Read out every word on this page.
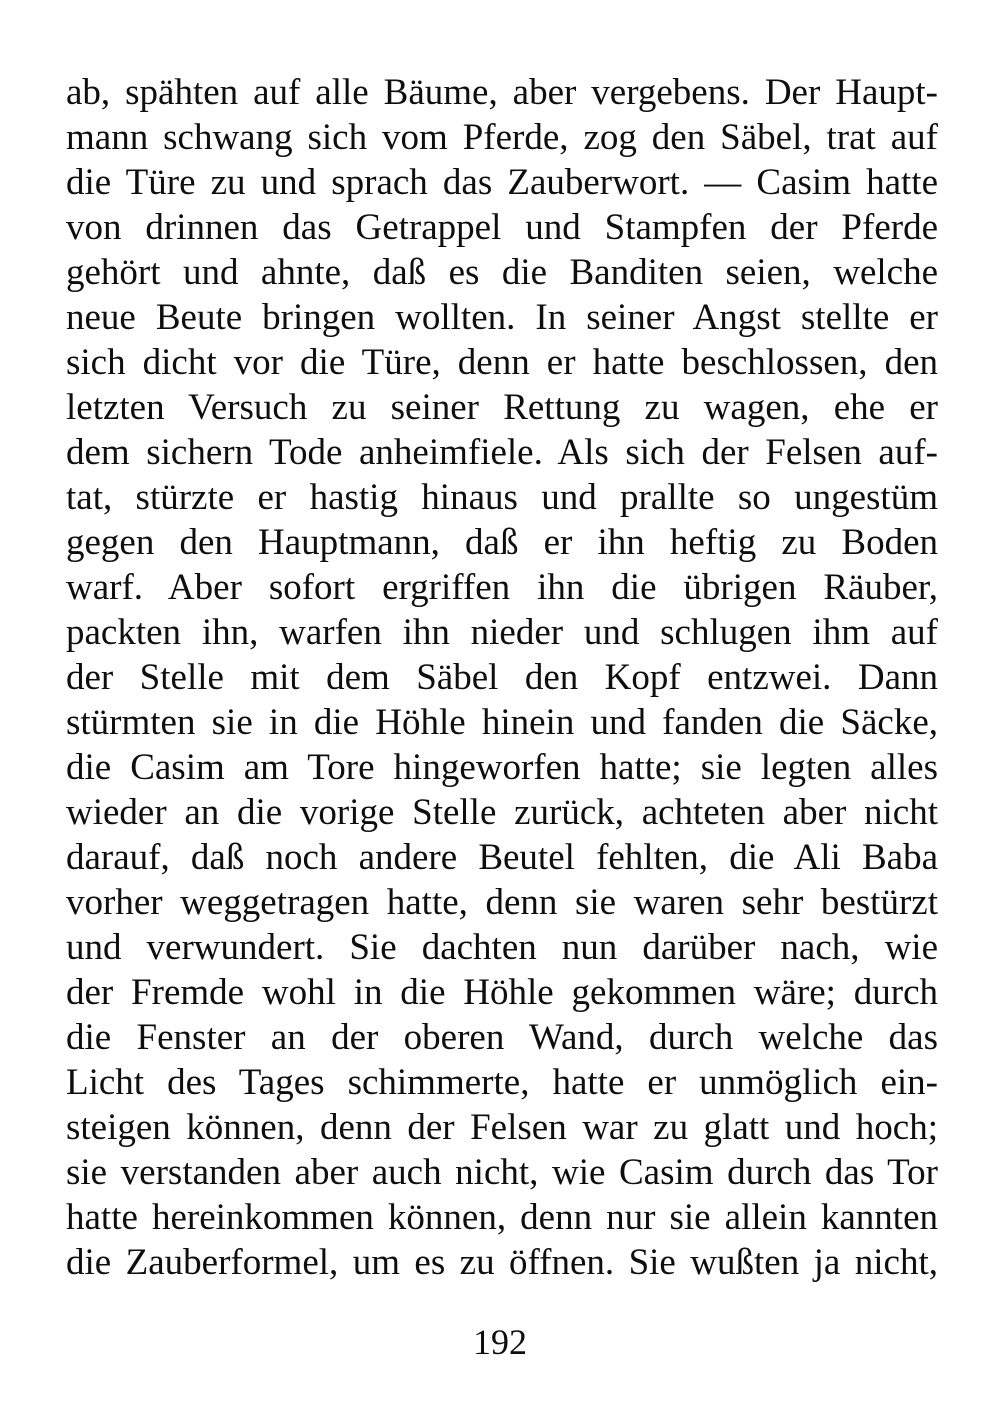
ab, spähten auf alle Bäume, aber vergebens. Der Haupt-
mann schwang sich vom Pferde, zog den Säbel, trat auf
die Türe zu und sprach das Zauberwort. — Casim hatte
von drinnen das Getrappel und Stampfen der Pferde
gehört und ahnte, daß es die Banditen seien, welche
neue Beute bringen wollten. In seiner Angst stellte er
sich dicht vor die Türe, denn er hatte beschlossen, den
letzten Versuch zu seiner Rettung zu wagen, ehe er
dem sichern Tode anheimfiele. Als sich der Felsen auf-
tat, stürzte er hastig hinaus und prallte so ungestüm
gegen den Hauptmann, daß er ihn heftig zu Boden
warf. Aber sofort ergriffen ihn die übrigen Räuber,
packten ihn, warfen ihn nieder und schlugen ihm auf
der Stelle mit dem Säbel den Kopf entzwei. Dann
stürmten sie in die Höhle hinein und fanden die Säcke,
die Casim am Tore hingeworfen hatte; sie legten alles
wieder an die vorige Stelle zurück, achteten aber nicht
darauf, daß noch andere Beutel fehlten, die Ali Baba
vorher weggetragen hatte, denn sie waren sehr bestürzt
und verwundert. Sie dachten nun darüber nach, wie
der Fremde wohl in die Höhle gekommen wäre; durch
die Fenster an der oberen Wand, durch welche das
Licht des Tages schimmerte, hatte er unmöglich ein-
steigen können, denn der Felsen war zu glatt und hoch;
sie verstanden aber auch nicht, wie Casim durch das Tor
hatte hereinkommen können, denn nur sie allein kannten
die Zauberformel, um es zu öffnen. Sie wußten ja nicht,
192
